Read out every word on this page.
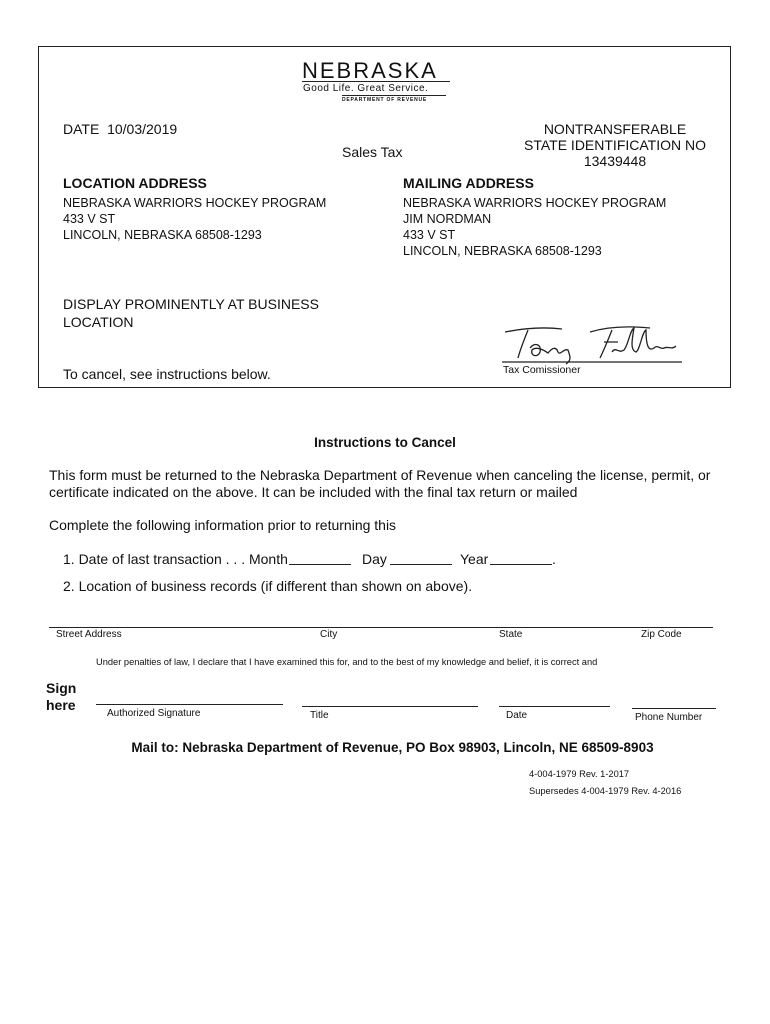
NEBRASKA
Good Life. Great Service.
DEPARTMENT OF REVENUE
DATE 10/03/2019
Sales Tax
NONTRANSFERABLE
STATE IDENTIFICATION NO
13439448
LOCATION ADDRESS
NEBRASKA WARRIORS HOCKEY PROGRAM
433 V ST
LINCOLN, NEBRASKA 68508-1293
MAILING ADDRESS
NEBRASKA WARRIORS HOCKEY PROGRAM
JIM NORDMAN
433 V ST
LINCOLN, NEBRASKA 68508-1293
DISPLAY PROMINENTLY AT BUSINESS
LOCATION
Tax Comissioner
To cancel, see instructions below.
Instructions to Cancel
This form must be returned to the Nebraska Department of Revenue when canceling the license, permit, or
certificate indicated on the above. It can be included with the final tax return or mailed
Complete the following information prior to returning this
1. Date of last transaction . . . Month	Day	Year	.
2. Location of business records (if different than shown on above).
Street Address	City	State	Zip Code
Under penalties of law, I declare that I have examined this for, and to the best of my knowledge and belief, it is correct and
Sign
here
Authorized Signature	Title	Date	Phone Number
Mail to: Nebraska Department of Revenue, PO Box 98903, Lincoln, NE 68509-8903
4-004-1979 Rev. 1-2017
Supersedes 4-004-1979 Rev. 4-2016
